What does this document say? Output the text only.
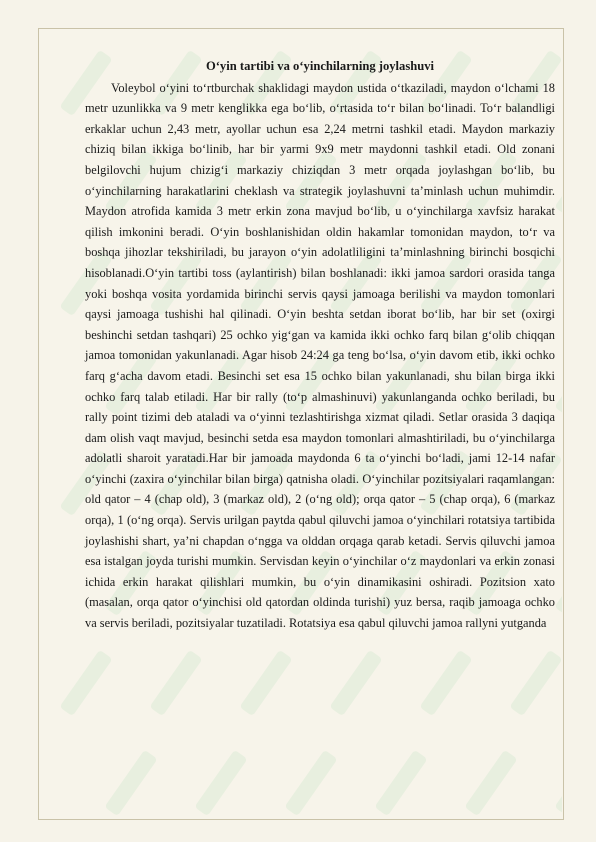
O‘yin tartibi va o‘yinchilarning joylashuvi

Voleybol o‘yini to‘rtburchak shaklidagi maydon ustida o‘tkaziladi, maydon o‘lchami 18 metr uzunlikka va 9 metr kenglikka ega bo‘lib, o‘rtasida to‘r bilan bo‘linadi. To‘r balandligi erkaklar uchun 2,43 metr, ayollar uchun esa 2,24 metrni tashkil etadi. Maydon markaziy chiziq bilan ikkiga bo‘linib, har bir yarmi 9x9 metr maydonni tashkil etadi. Old zonani belgilovchi hujum chizig‘i markaziy chiziqdan 3 metr orqada joylashgan bo‘lib, bu o‘yinchilarning harakatlarini cheklash va strategik joylashuvni ta’minlash uchun muhimdir. Maydon atrofida kamida 3 metr erkin zona mavjud bo‘lib, u o‘yinchilarga xavfsiz harakat qilish imkonini beradi. O‘yin boshlanishidan oldin hakamlar tomonidan maydon, to‘r va boshqa jihozlar tekshiriladi, bu jarayon o‘yin adolatliligini ta’minlashning birinchi bosqichi hisoblanadi.O‘yin tartibi toss (aylantirish) bilan boshlanadi: ikki jamoa sardori orasida tanga yoki boshqa vosita yordamida birinchi servis qaysi jamoaga berilishi va maydon tomonlari qaysi jamoaga tushishi hal qilinadi. O‘yin beshta setdan iborat bo‘lib, har bir set (oxirgi beshinchi setdan tashqari) 25 ochko yig‘gan va kamida ikki ochko farq bilan g‘olib chiqqan jamoa tomonidan yakunlanadi. Agar hisob 24:24 ga teng bo‘lsa, o‘yin davom etib, ikki ochko farq g‘acha davom etadi. Besinchi set esa 15 ochko bilan yakunlanadi, shu bilan birga ikki ochko farq talab etiladi. Har bir rally (to‘p almashinuvi) yakunlanganda ochko beriladi, bu rally point tizimi deb ataladi va o‘yinni tezlashtirishga xizmat qiladi. Setlar orasida 3 daqiqa dam olish vaqt mavjud, besinchi setda esa maydon tomonlari almashtiriladi, bu o‘yinchilarga adolatli sharoit yaratadi.Har bir jamoada maydonda 6 ta o‘yinchi bo‘ladi, jami 12-14 nafar o‘yinchi (zaxira o‘yinchilar bilan birga) qatnisha oladi. O‘yinchilar pozitsiyalari raqamlangan: old qator – 4 (chap old), 3 (markaz old), 2 (o‘ng old); orqa qator – 5 (chap orqa), 6 (markaz orqa), 1 (o‘ng orqa). Servis urilgan paytda qabul qiluvchi jamoa o‘yinchilari rotatsiya tartibida joylashishi shart, ya’ni chapdan o‘ngga va olddan orqaga qarab ketadi. Servis qiluvchi jamoa esa istalgan joyda turishi mumkin. Servisdan keyin o‘yinchilar o‘z maydonlari va erkin zonasi ichida erkin harakat qilishlari mumkin, bu o‘yin dinamikasini oshiradi. Pozitsion xato (masalan, orqa qator o‘yinchisi old qatordan oldinda turishi) yuz bersa, raqib jamoaga ochko va servis beriladi, pozitsiyalar tuzatiladi. Rotatsiya esa qabul qiluvchi jamoa rallyni yutganda
